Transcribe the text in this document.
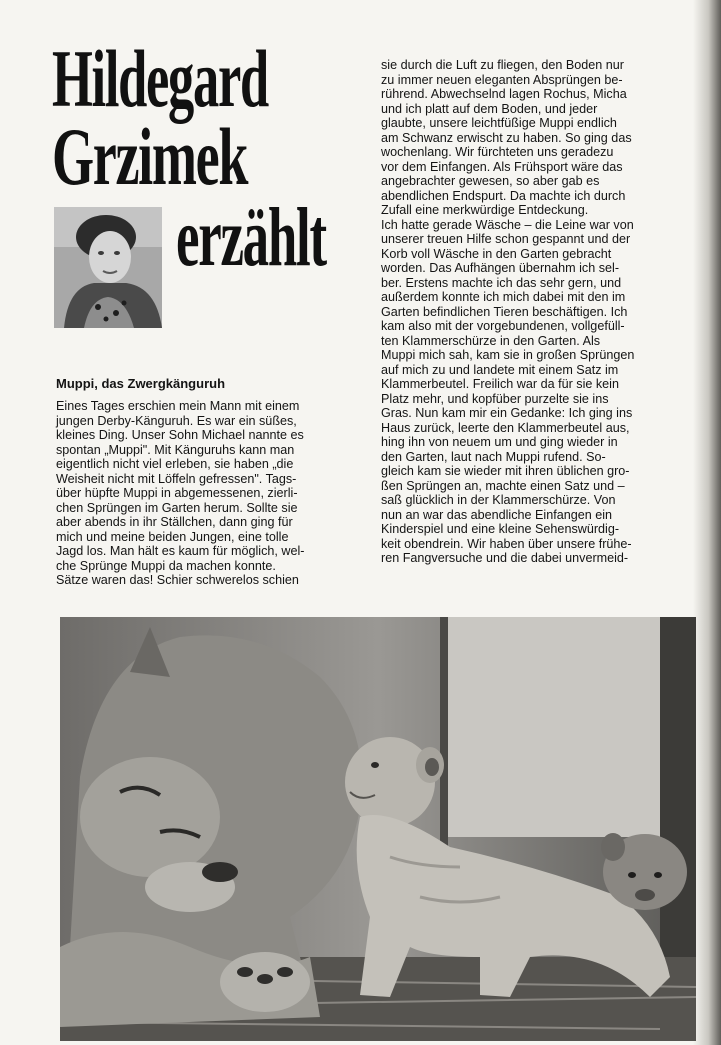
Hildegard
Grzimek
erzählt
Muppi, das Zwergkänguruh
Eines Tages erschien mein Mann mit einem
jungen Derby-Känguruh. Es war ein süßes,
kleines Ding. Unser Sohn Michael nannte es
spontan „Muppi". Mit Känguruhs kann man
eigentlich nicht viel erleben, sie haben „die
Weisheit nicht mit Löffeln gefressen". Tags-
über hüpfte Muppi in abgemessenen, zierli-
chen Sprüngen im Garten herum. Sollte sie
aber abends in ihr Ställchen, dann ging für
mich und meine beiden Jungen, eine tolle
Jagd los. Man hält es kaum für möglich, wel-
che Sprünge Muppi da machen konnte.
Sätze waren das! Schier schwerelos schien
sie durch die Luft zu fliegen, den Boden nur
zu immer neuen eleganten Absprüngen be-
rührend. Abwechselnd lagen Rochus, Micha
und ich platt auf dem Boden, und jeder
glaubte, unsere leichtfüßige Muppi endlich
am Schwanz erwischt zu haben. So ging das
wochenlang. Wir fürchteten uns geradezu
vor dem Einfangen. Als Frühsport wäre das
angebrachter gewesen, so aber gab es
abendlichen Endspurt. Da machte ich durch
Zufall eine merkwürdige Entdeckung.
Ich hatte gerade Wäsche – die Leine war von
unserer treuen Hilfe schon gespannt und der
Korb voll Wäsche in den Garten gebracht
worden. Das Aufhängen übernahm ich sel-
ber. Erstens machte ich das sehr gern, und
außerdem konnte ich mich dabei mit den im
Garten befindlichen Tieren beschäftigen. Ich
kam also mit der vorgebundenen, vollgefüll-
ten Klammerschürze in den Garten. Als
Muppi mich sah, kam sie in großen Sprüngen
auf mich zu und landete mit einem Satz im
Klammerbeutel. Freilich war da für sie kein
Platz mehr, und kopfüber purzelte sie ins
Gras. Nun kam mir ein Gedanke: Ich ging ins
Haus zurück, leerte den Klammerbeutel aus,
hing ihn von neuem um und ging wieder in
den Garten, laut nach Muppi rufend. So-
gleich kam sie wieder mit ihren üblichen gro-
ßen Sprüngen an, machte einen Satz und –
saß glücklich in der Klammerschürze. Von
nun an war das abendliche Einfangen ein
Kinderspiel und eine kleine Sehenswürdig-
keit obendrein. Wir haben über unsere frühe-
ren Fangversuche und die dabei unvermeid-
